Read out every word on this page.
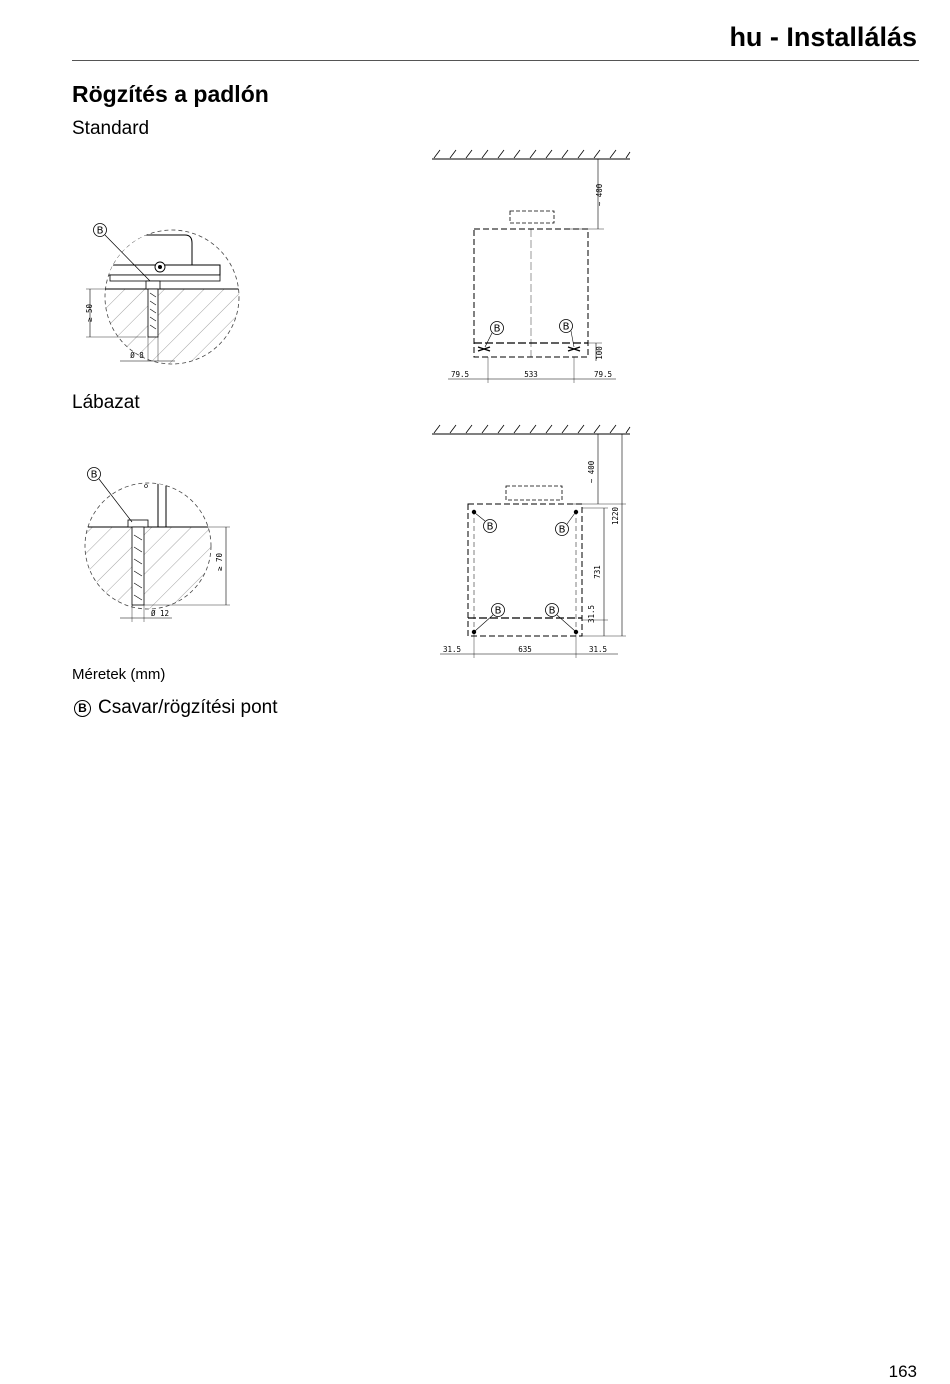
hu - Installálás
Rögzítés a padlón
Standard
Lábazat
B
≥ 50
Ø 8
~ 400
B	B
100
79.5	533	79.5
B
≥ 70
Ø 12
~ 400
1220
B	B
B	B
731
31.5
31.5	635	31.5
Méretek (mm)
B Csavar/rögzítési pont
163
